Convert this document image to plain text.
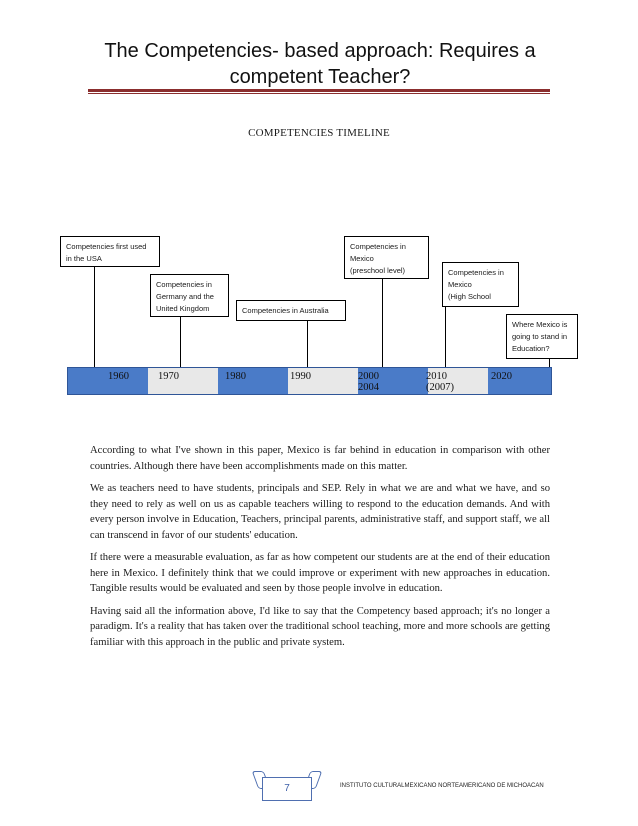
The Competencies- based approach: Requires a competent Teacher?
COMPETENCIES TIMELINE
Competencies first used
in the USA
Competencies in
Germany and the
United Kingdom	Competencies in Australia
Competencies in
Mexico
(preschool level)	Competencies in
Mexico
(High School
Where Mexico is
going to stand in
Education?
1960	1970	1980	1990	2000
2004
2010
(2007)
2020

According to what I've shown in this paper, Mexico is far behind in education in comparison with other countries. Although there have been accomplishments made on this matter.

We as teachers need to have students, principals and SEP. Rely in what we are and what we have, and so they need to rely as well on us as capable teachers willing to respond to the education demands. And with every person involve in Education, Teachers, principal parents, administrative staff, and support staff, we all can transcend in favor of our students' education.

If there were a measurable evaluation, as far as how competent our students are at the end of their education here in Mexico. I definitely think that we could improve or experiment with new approaches in education. Tangible results would be evaluated and seen by those people involve in education.

Having said all the information above, I'd like to say that the Competency based approach; it's no longer a paradigm. It's a reality that has taken over the traditional school teaching, more and more schools are getting familiar with this approach in the public and private system.

7	INSTITUTO CULTURALMEXICANO NORTEAMERICANO DE MICHOACAN
